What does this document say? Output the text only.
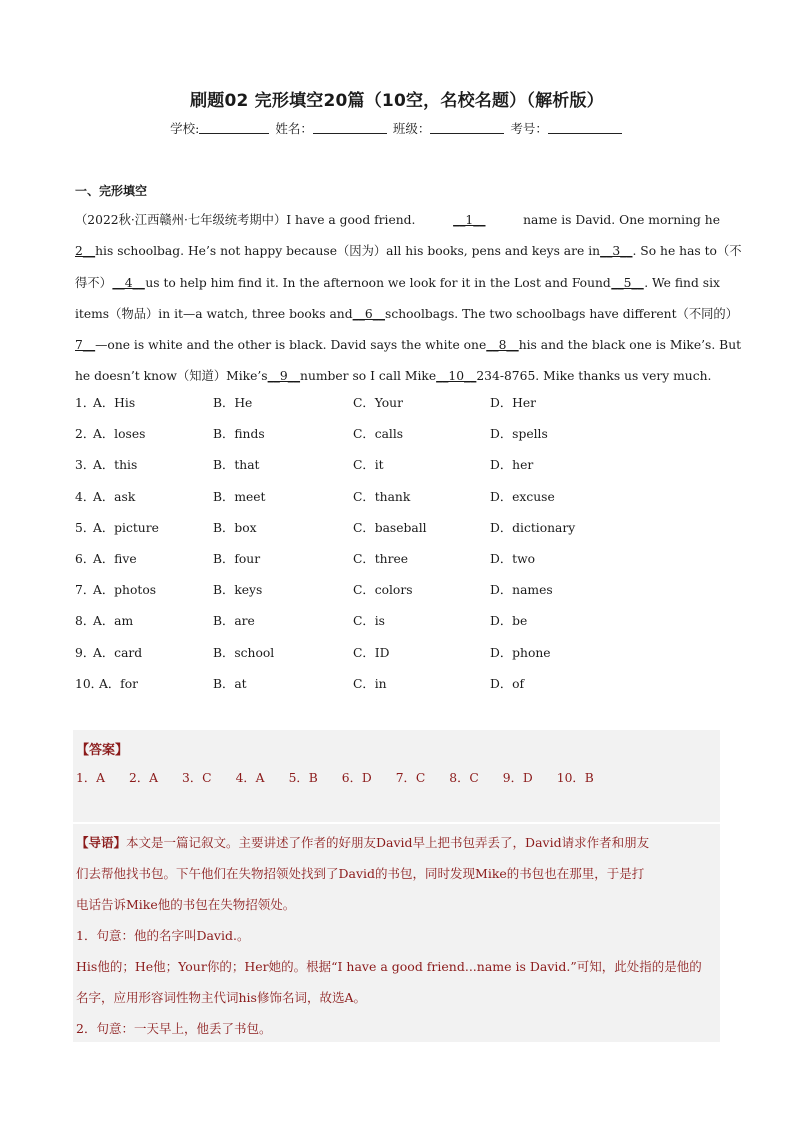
刷题02 完形填空20篇（10空，名校名题）（解析版）
学校:	姓名：	班级：	考号：
一、完形填空
（2022秋·江西赣州·七年级统考期中）I have a good friend.	__1__	name is David. One morning he
2__ his schoolbag. He’s not happy because（因为）all his books, pens and keys are in __3__ . So he has to（不
得不） __4__ us to help him find it. In the afternoon we look for it in the Lost and Found __5__ . We find six
items（物品）in it—a watch, three books and __6__ schoolbags. The two schoolbags have different（不同的）
7__ —one is white and the other is black. David says the white one __8__ his and the black one is Mike’s. But
he doesn’t know（知道）Mike’s __9__ number so I call Mike __10__ 234-8765. Mike thanks us very much.
1．
A．His	B．He	C．Your	D．Her
2．
A．loses	B．finds	C．calls	D．spells
3．
A．this	B．that	C．it	D．her
4．
A．ask	B．meet	C．thank	D．excuse
5．
A．picture	B．box	C．baseball	D．dictionary
6．
A．five	B．four	C．three	D．two
7．
A．photos	B．keys	C．colors	D．names
8．
A．am	B．are	C．is	D．be
9．
A．card	B．school	C．ID	D．phone
10．
A．for	B．at	C．in	D．of
【答案】
1．A 2．A 3．C 4．A 5．B 6．D 7．C 8．C 9．D 10．B
【导语】本文是一篇记叙文。主要讲述了作者的好朋友David早上把书包弄丢了，David请求作者和朋友
们去帮他找书包。下午他们在失物招领处找到了David的书包，同时发现Mike的书包也在那里，于是打
电话告诉Mike他的书包在失物招领处。
1．句意：他的名字叫David.。
His他的；He他；Your你的；Her她的。根据“I have a good friend...name is David.”可知，此处指的是他的
名字，应用形容词性物主代词his修饰名词，故选A。
2．句意：一天早上，他丢了书包。
